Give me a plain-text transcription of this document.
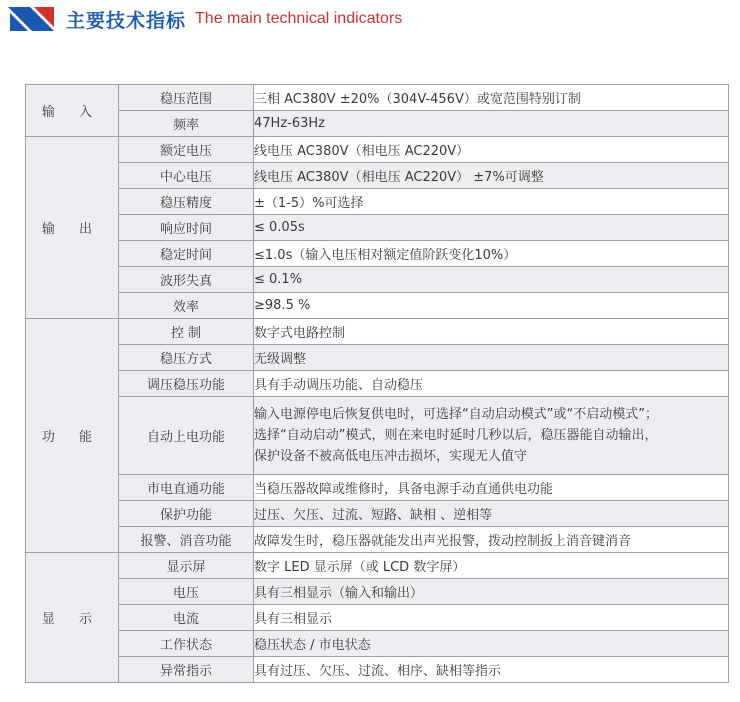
主要技术指标 The main technical indicators
输 入	稳压范围	三相 AC380V ±20%（304V-456V）或宽范围特别订制
	频率	47Hz-63Hz
输 出	额定电压	线电压 AC380V（相电压 AC220V）
	中心电压	线电压 AC380V（相电压 AC220V） ±7%可调整
	稳压精度	±（1-5）%可选择
	响应时间	≤ 0.05s
	稳定时间	≤1.0s（输入电压相对额定值阶跃变化10%）
	波形失真	≤ 0.1%
	效率	≥98.5 %
功 能	控 制	数字式电路控制
	稳压方式	无级调整
	调压稳压功能	具有手动调压功能、自动稳压
	自动上电功能	输入电源停电后恢复供电时，可选择“自动启动模式”或“不启动模式”；
选择“自动启动”模式，则在来电时延时几秒以后，稳压器能自动输出，
保护设备不被高低电压冲击损坏，实现无人值守

	市电直通功能	当稳压器故障或维修时，具备电源手动直通供电功能
	保护功能	过压、欠压、过流、短路、缺相 、逆相等
	报警、消音功能	故障发生时，稳压器就能发出声光报警，拨动控制扳上消音键消音
显 示	显示屏	数字 LED 显示屏（或 LCD 数字屏）
	电压	具有三相显示（输入和输出）
	电流	具有三相显示
	工作状态	稳压状态 / 市电状态
	异常指示	具有过压、欠压、过流、相序、缺相等指示
